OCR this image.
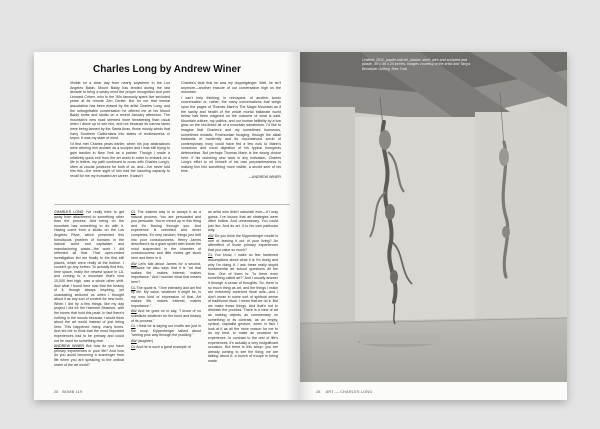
Charles Long by Andrew Winer

Visible on a clear day from nearly anywhere in the Los Angeles Basin, Mount Baldy has tended during the last decade to bring a weary mind the proper recognition and poet Leonard Cohen, who in the '90s famously spent five secluded years at its remote Zen Center. But for me that mental association has been erased by the artist Charles Long, and the unforgettable conversation he offered me at his Mount Baldy home and studio on a recent January afternoon. The mountain's new road seemed more threatening than usual when I drove up to see him, and not because its narrow lanes were being fanned by the Santa Anas, those moody winds that harry Southern Californians into states of recklessness or torpor. It was my state of mind.

I'd first met Charles years earlier, when his pop abstractions were winning him acclaim as a sculptor and I was still trying to gain traction in New York as a painter. Though I made a relatively quick exit from the art world in order to embark on a life in letters, my path continued to cross with Charles Long's, often at crucial junctures for both of us, and—I've never told him this—the mere sight of him had the haunting capacity to recall for me my truncated art career. It wasn't

Charles's fault that he was my doppelgänger. Well, he isn't anymore—another erasure of our conversation high on the mountain.

I can't help thinking, in retrospect, of another iconic conversation or, rather, the many conversations that weigh upon the pages of Thomas Mann's The Magic Mountain as if the sanity and health of the whole mortal Italianate world below has been wagered on the outcome of what is said. Mountain culture, my politics, and our human fallibility by a low glow on the red-tinted air of a mountain sanatorium. I'd like to imagine that Charles's and my sometimes humorous, sometimes ecstatic, Emersonian foraging, through the alkali badlands of modernity and its mountainous scrub of contemporary irony could have fed a few nuts to Mann's conscious and vocal digestion of his typical bourgeois defenceless. But perhaps Thomas Mann is the wrong choice here. If his ravishing new work is any indication, Charles Long's effort to rid himself of his own purposelessness is making him into something more visible, a secret seer of his time.

—ANDREW WINER

CHARLES LONG I've really tried to get away from attachment to something other than the process. And being on the mountain has something to do with it. Having come from a studio on the Los Angeles River, which presented this tumultuous problem of humans in the natural world and capitalism and manufacturing waste—the work I did reflected all that. That open-ended investigation led me finally to the first still places, which were really at the bottom. I couldn't go any further. To actually find this, time space, really the newest space in LA, and coming to a mountain that's now 10,000 feet high, was a whole other shift. And what I found here now that the beauty of it, though always inspiring, yet unassisting seduced us when I thought about it as any sort of context for new work. When I did try a few things, like my day project I did for the Hammer Museum, with the bones that hold this peak. In fact there's nothing in the woods because I would think about the art world instead of just being here. This happened many, many times. And led me to think that the most important experiences had to be primary and could not be used for something else.

ANDREW WINER But how do you have primary experiences in your life? And how do you avoid becoming a scavenger from life when you are speaking to the ordinal realm of the art world?

CL The easiest way is to accept it as a natural process. You are persuaded and you persuade. You're mixed up in this thing and it's flowing through you. And experience is unlimited and never completes. It's very random, things just drift into your consciousness. Henry James described it as a giant spider web inside the mind suspended in the chamber of consciousness and little motes get stuck here and there in it.

AW Let's talk about James for a second, because he also says that it is "art that makes life, makes interest, makes importance." And I wonder what that means here?

CL The quote is, "I live intensely and am fed by life. My value, whatever it might be, is my own kind of expression of that. Art makes life, makes interest, makes importance."

AW And he goes on to say, "I know of no substitute whatever for the force and beauty of its process."

CL I think he is saying our motifs are just in the soup. Kippenberger talked about "seeing your way through the pudding."

AW (laughter)

CL And he is such a great example of

an artist who didn't calculate ever—if I may guess. I've known that art strategies were often hollow. And unnecessary. You could just live. And do art. It is his own particular way.

AW Do you think the Kippenberger model is one of leaving it out of your living? An aftereffect of those primary experiences that you value so much?

CL You know, I make so few hardened assumptions about what it is I'm doing and why I'm doing it. I ask these really stupid fundamental art school questions all the time. One of them is: "Is there even something called art?" And I usually answer it through a sense of thoughts. So, there is so much thing as art, and the things I make are extremely contrived ritual acts—and I don't mean in some sort of spiritual sense of traditional ritual. I mean that we do it. But we make these things. And that's not to diminish the process. There is a view of art as making objects as commentary on something or its contrast, as an empty, cynical, capitalist gesture, when in fact I look at it as all the more reason for me to do my best, to make an occasion for experience. In contrast to the rest of life's experiences, it's actually a very insignificant occasion. But there is this setup: you are already coming to see the thing; we are talking about it; a bunch of troupe is being made

26 BOMB 119
Untitled, 2011, papier-mâché, plaster, steel, wire and sculpted and plastic, 90 x 36 x 24 inches. Images courtesy of the artist and Tanya Bonakdar Gallery, New York.
28 ART — CHARLES LONG
